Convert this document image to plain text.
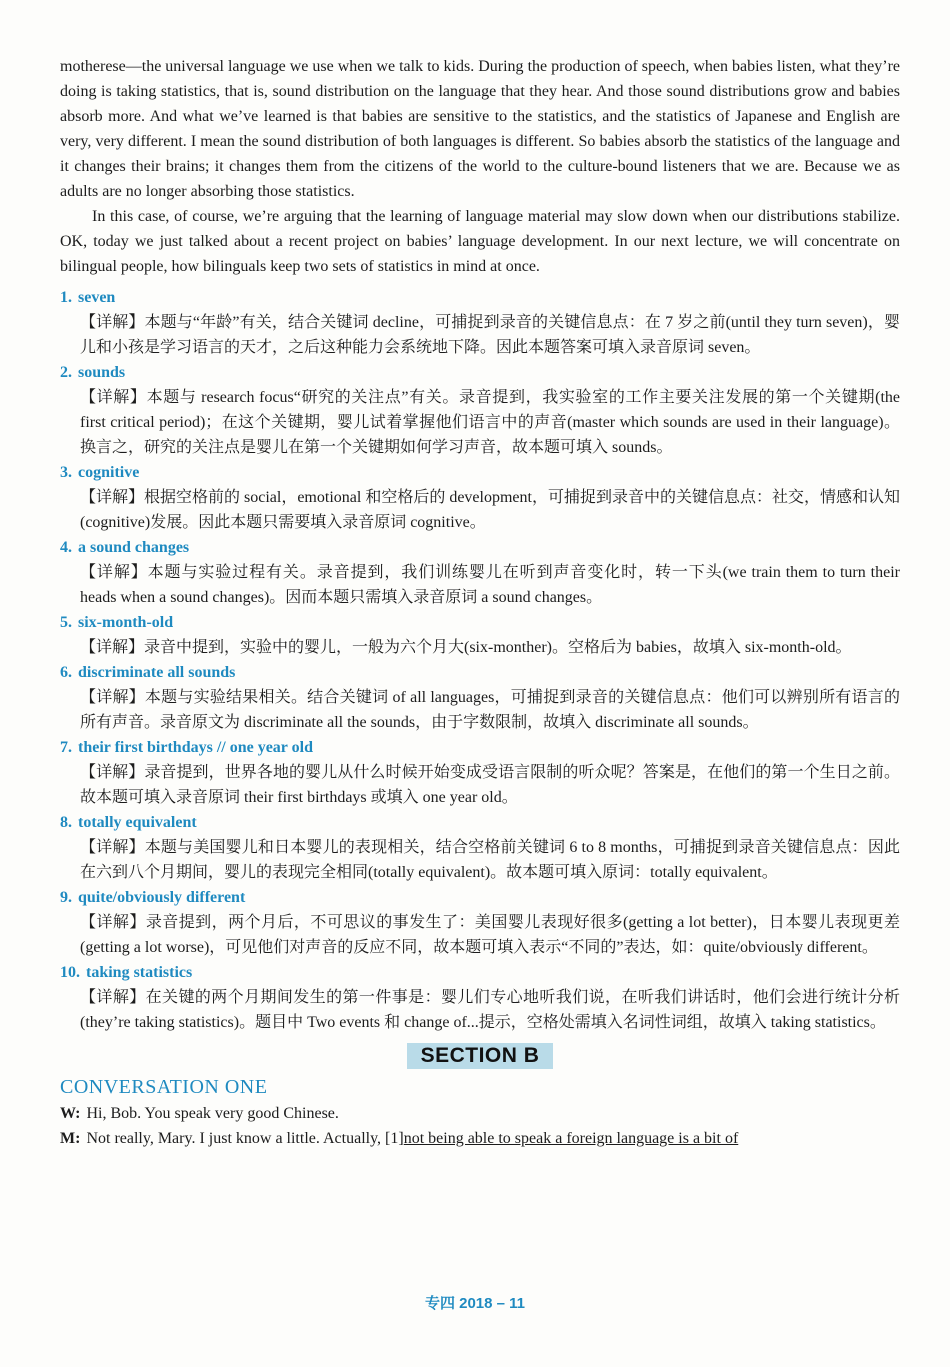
motherese—the universal language we use when we talk to kids. During the production of speech, when babies listen, what they’re doing is taking statistics, that is, sound distribution on the language that they hear. And those sound distributions grow and babies absorb more. And what we’ve learned is that babies are sensitive to the statistics, and the statistics of Japanese and English are very, very different. I mean the sound distribution of both languages is different. So babies absorb the statistics of the language and it changes their brains; it changes them from the citizens of the world to the culture-bound listeners that we are. Because we as adults are no longer absorbing those statistics.

In this case, of course, we’re arguing that the learning of language material may slow down when our distributions stabilize. OK, today we just talked about a recent project on babies’ language development. In our next lecture, we will concentrate on bilingual people, how bilinguals keep two sets of statistics in mind at once.

1. seven

【详解】本题与“年龄”有关，结合关键词 decline，可捕捉到录音的关键信息点：在 7 岁之前(until they turn seven)，婴儿和小孩是学习语言的天才，之后这种能力会系统地下降。因此本题答案可填入录音原词 seven。

2. sounds

【详解】本题与 research focus“研究的关注点”有关。录音提到，我实验室的工作主要关注发展的第一个关键期(the first critical period)；在这个关键期，婴儿试着掌握他们语言中的声音(master which sounds are used in their language)。换言之，研究的关注点是婴儿在第一个关键期如何学习声音，故本题可填入 sounds。

3. cognitive

【详解】根据空格前的 social，emotional 和空格后的 development，可捕捉到录音中的关键信息点：社交，情感和认知(cognitive)发展。因此本题只需要填入录音原词 cognitive。

4. a sound changes

【详解】本题与实验过程有关。录音提到，我们训练婴儿在听到声音变化时，转一下头(we train them to turn their heads when a sound changes)。因而本题只需填入录音原词 a sound changes。

5. six-month-old

【详解】录音中提到，实验中的婴儿，一般为六个月大(six-monther)。空格后为 babies，故填入 six-month-old。

6. discriminate all sounds

【详解】本题与实验结果相关。结合关键词 of all languages，可捕捉到录音的关键信息点：他们可以辨别所有语言的所有声音。录音原文为 discriminate all the sounds，由于字数限制，故填入 discriminate all sounds。

7. their first birthdays // one year old

【详解】录音提到，世界各地的婴儿从什么时候开始变成受语言限制的听众呢？答案是，在他们的第一个生日之前。故本题可填入录音原词 their first birthdays 或填入 one year old。

8. totally equivalent

【详解】本题与美国婴儿和日本婴儿的表现相关，结合空格前关键词 6 to 8 months，可捕捉到录音关键信息点：因此在六到八个月期间，婴儿的表现完全相同(totally equivalent)。故本题可填入原词：totally equivalent。

9. quite/obviously different

【详解】录音提到，两个月后，不可思议的事发生了：美国婴儿表现好很多(getting a lot better)，日本婴儿表现更差(getting a lot worse)，可见他们对声音的反应不同，故本题可填入表示“不同的”表达，如：quite/obviously different。

10. taking statistics

【详解】在关键的两个月期间发生的第一件事是：婴儿们专心地听我们说，在听我们讲话时，他们会进行统计分析(they’re taking statistics)。题目中 Two events 和 change of...提示，空格处需填入名词性词组，故填入 taking statistics。

SECTION B
CONVERSATION ONE

W: Hi, Bob. You speak very good Chinese.

M: Not really, Mary. I just know a little. Actually, [1]not being able to speak a foreign language is a bit of

专四 2018 – 11
